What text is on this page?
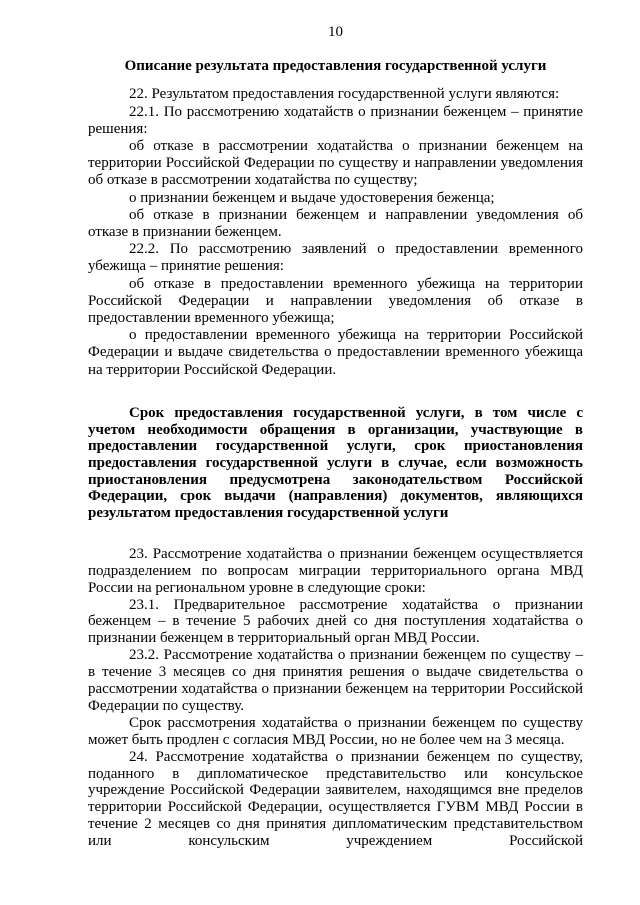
10
Описание результата предоставления государственной услуги

22. Результатом предоставления государственной услуги являются:

22.1. По рассмотрению ходатайств о признании беженцем – принятие решения:

об отказе в рассмотрении ходатайства о признании беженцем на территории Российской Федерации по существу и направлении уведомления об отказе в рассмотрении ходатайства по существу;

о признании беженцем и выдаче удостоверения беженца;

об отказе в признании беженцем и направлении уведомления об отказе в признании беженцем.

22.2. По рассмотрению заявлений о предоставлении временного убежища – принятие решения:

об отказе в предоставлении временного убежища на территории Российской Федерации и направлении уведомления об отказе в предоставлении временного убежища;

о предоставлении временного убежища на территории Российской Федерации и выдаче свидетельства о предоставлении временного убежища на территории Российской Федерации.

Срок предоставления государственной услуги, в том числе с учетом необходимости обращения в организации, участвующие в предоставлении государственной услуги, срок приостановления предоставления государственной услуги в случае, если возможность приостановления предусмотрена законодательством Российской Федерации, срок выдачи (направления) документов, являющихся результатом предоставления государственной услуги

23. Рассмотрение ходатайства о признании беженцем осуществляется подразделением по вопросам миграции территориального органа МВД России на региональном уровне в следующие сроки:

23.1. Предварительное рассмотрение ходатайства о признании беженцем – в течение 5 рабочих дней со дня поступления ходатайства о признании беженцем в территориальный орган МВД России.

23.2. Рассмотрение ходатайства о признании беженцем по существу – в течение 3 месяцев со дня принятия решения о выдаче свидетельства о рассмотрении ходатайства о признании беженцем на территории Российской Федерации по существу.

Срок рассмотрения ходатайства о признании беженцем по существу может быть продлен с согласия МВД России, но не более чем на 3 месяца.

24. Рассмотрение ходатайства о признании беженцем по существу, поданного в дипломатическое представительство или консульское учреждение Российской Федерации заявителем, находящимся вне пределов территории Российской Федерации, осуществляется ГУВМ МВД России в течение 2 месяцев со дня принятия дипломатическим представительством или консульским учреждением Российской
